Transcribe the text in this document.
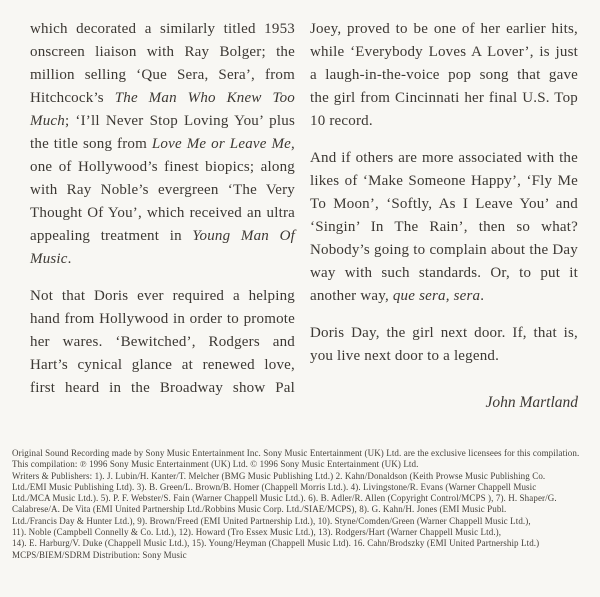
which decorated a similarly titled 1953 onscreen liaison with Ray Bolger; the million selling ‘Que Sera, Sera’, from Hitchcock’s The Man Who Knew Too Much; ‘I’ll Never Stop Loving You’ plus the title song from Love Me or Leave Me, one of Hollywood’s finest biopics; along with Ray Noble’s evergreen ‘The Very Thought Of You’, which received an ultra appealing treatment in Young Man Of Music.

Not that Doris ever required a helping hand from Hollywood in order to promote her wares. ‘Bewitched’, Rodgers and Hart’s cynical glance at renewed love, first heard in the Broadway show Pal

Joey, proved to be one of her earlier hits, while ‘Everybody Loves A Lover’, is just a laugh-in-the-voice pop song that gave the girl from Cincinnati her final U.S. Top 10 record.

And if others are more associated with the likes of ‘Make Someone Happy’, ‘Fly Me To Moon’, ‘Softly, As I Leave You’ and ‘Singin’ In The Rain’, then so what? Nobody’s going to complain about the Day way with such standards. Or, to put it another way, que sera, sera.

Doris Day, the girl next door. If, that is, you live next door to a legend.

John Martland
Original Sound Recording made by Sony Music Entertainment Inc. Sony Music Entertainment (UK) Ltd. are the exclusive licensees for this compilation.
This compilation: ℗ 1996 Sony Music Entertainment (UK) Ltd. © 1996 Sony Music Entertainment (UK) Ltd.
Writers & Publishers: 1). J. Lubin/H. Kanter/T. Melcher (BMG Music Publishing Ltd.) 2. Kahn/Donaldson (Keith Prowse Music Publishing Co.
Ltd./EMI Music Publishing Ltd). 3). B. Green/L. Brown/B. Homer (Chappell Morris Ltd.). 4). Livingstone/R. Evans (Warner Chappell Music
Ltd./MCA Music Ltd.). 5). P. F. Webster/S. Fain (Warner Chappell Music Ltd.). 6). B. Adler/R. Allen (Copyright Control/MCPS ), 7). H. Shaper/G.
Calabrese/A. De Vita (EMI United Partnership Ltd./Robbins Music Corp. Ltd./SIAE/MCPS), 8). G. Kahn/H. Jones (EMI Music Publ.
Ltd./Francis Day & Hunter Ltd.), 9). Brown/Freed (EMI United Partnership Ltd.), 10). Styne/Comden/Green (Warner Chappell Music Ltd.),
11). Noble (Campbell Connelly & Co. Ltd.), 12). Howard (Tro Essex Music Ltd.), 13). Rodgers/Hart (Warner Chappell Music Ltd.),
14). E. Harburg/V. Duke (Chappell Music Ltd.), 15). Young/Heyman (Chappell Music Ltd). 16. Cahn/Brodszky (EMI United Partnership Ltd.)
MCPS/BIEM/SDRM Distribution: Sony Music
